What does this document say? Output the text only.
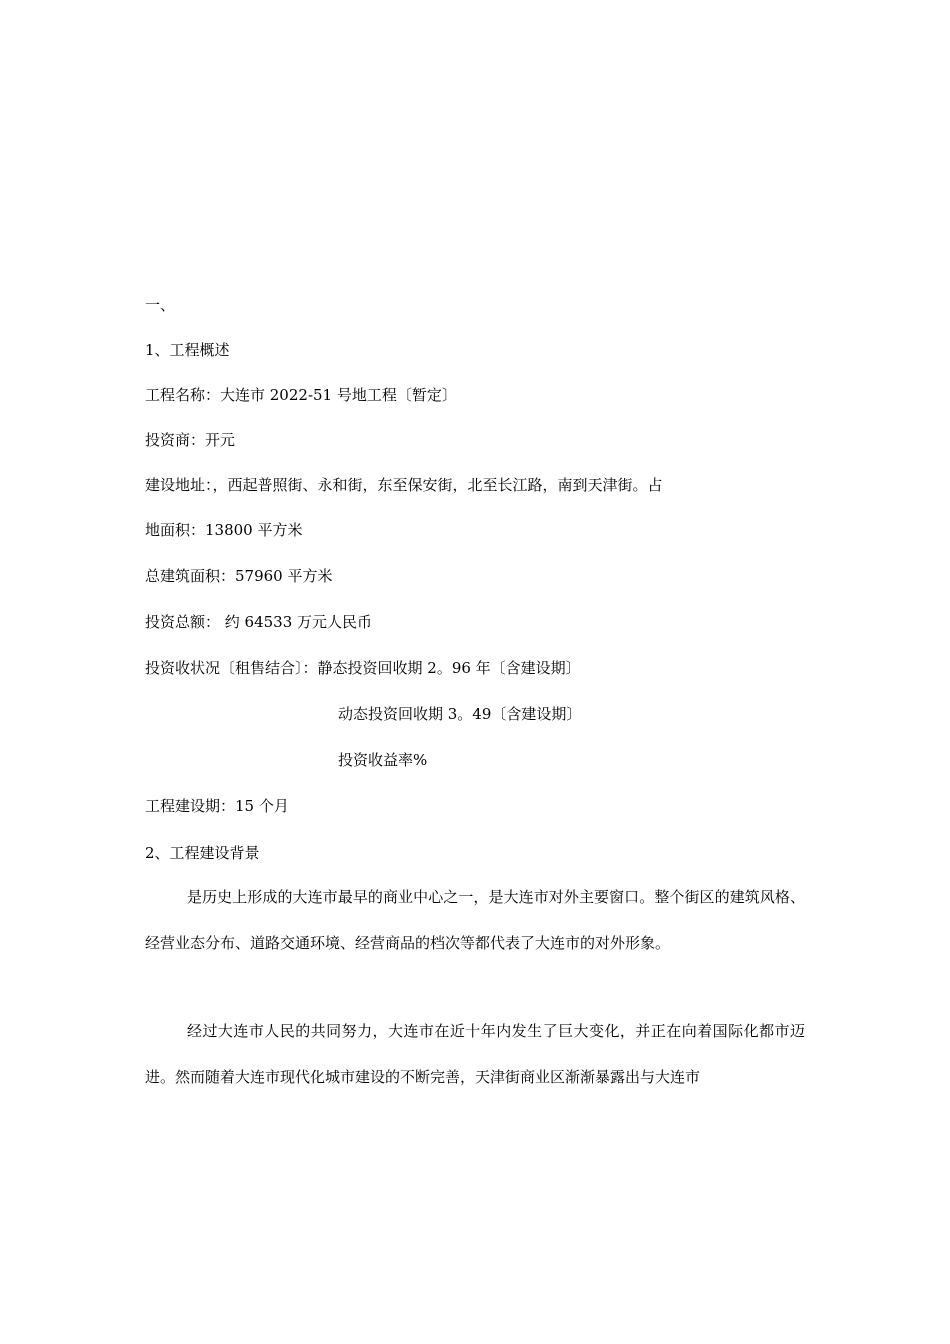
一、
1、工程概述
工程名称：大连市 2022-51 号地工程〔暂定〕
投资商：开元
建设地址：，西起普照街、永和街，东至保安街，北至长江路，南到天津街。占
地面积：13800 平方米
总建筑面积：57960 平方米
投资总额： 约 64533 万元人民币
投资收状况〔租售结合〕：静态投资回收期 2。96 年〔含建设期〕
动态投资回收期 3。49〔含建设期〕
投资收益率%
工程建设期：15 个月
2、工程建设背景
是历史上形成的大连市最早的商业中心之一，是大连市对外主要窗口。整个街区的建筑风格、经营业态分布、道路交通环境、经营商品的档次等都代表了大连市的对外形象。
经过大连市人民的共同努力，大连市在近十年内发生了巨大变化，并正在向着国际化都市迈进。然而随着大连市现代化城市建设的不断完善，天津街商业区渐渐暴露出与大连市
